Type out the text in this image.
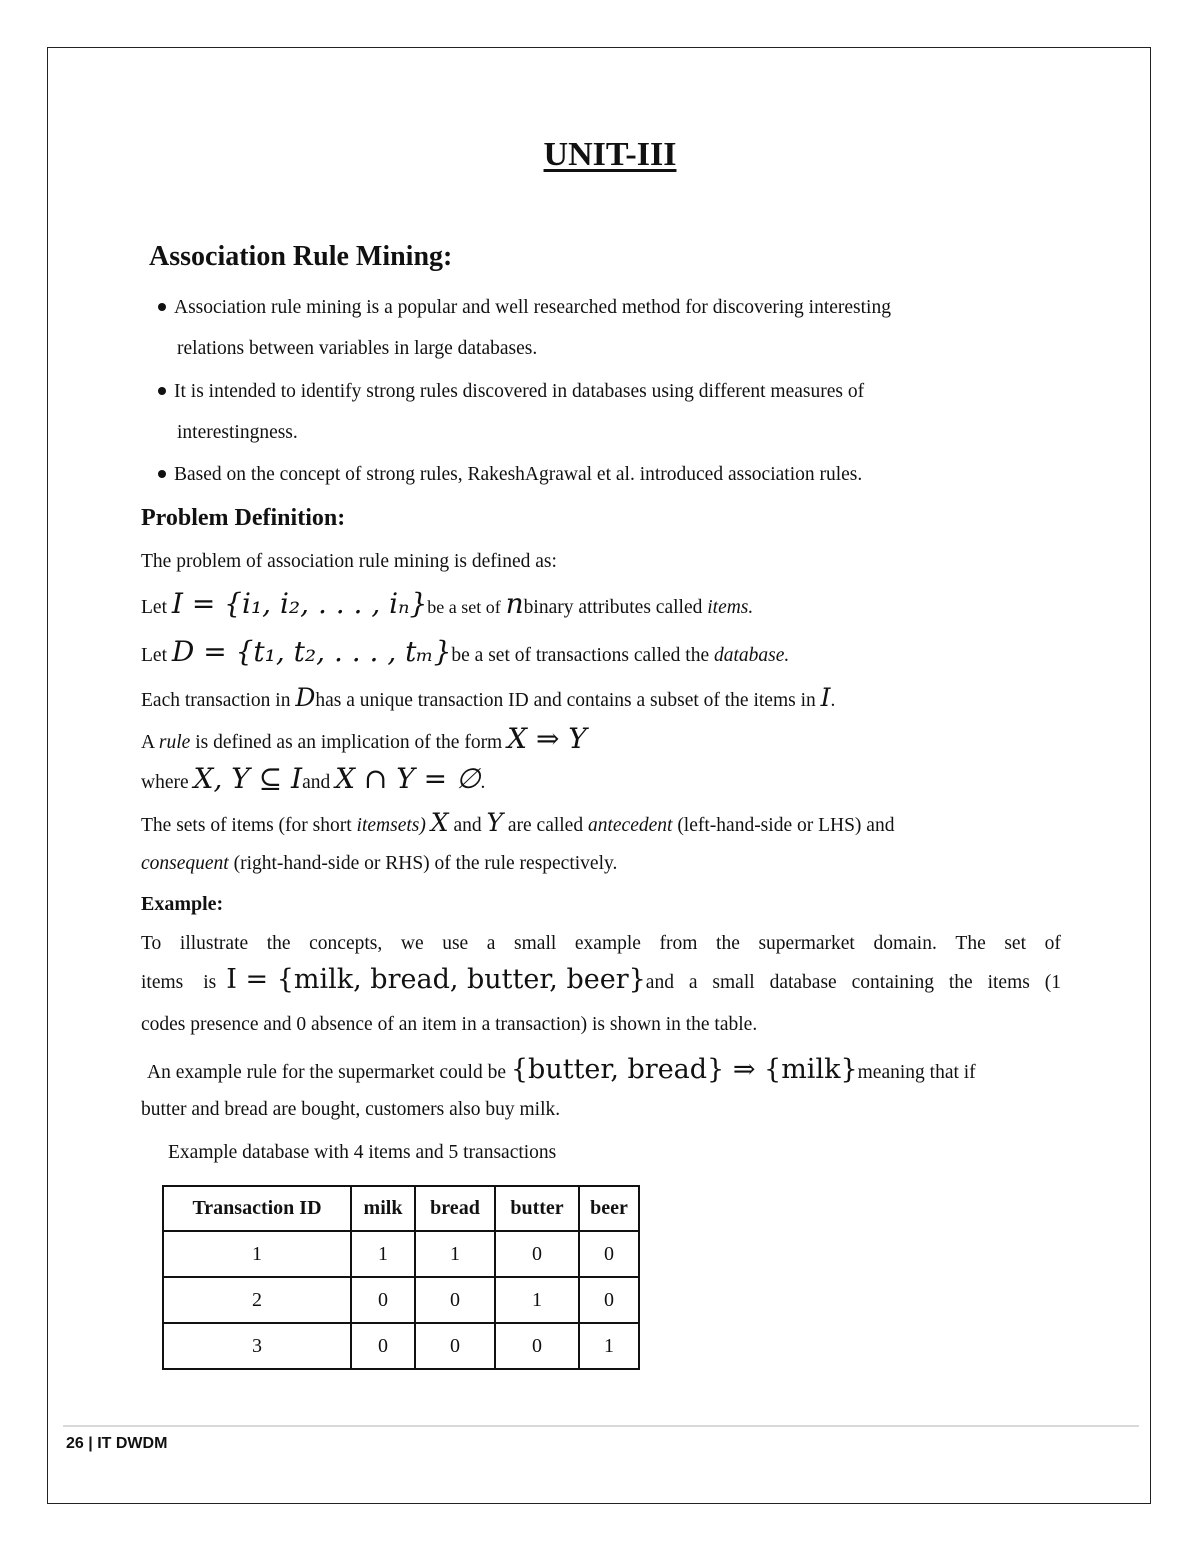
UNIT-III
Association Rule Mining:
Association rule mining is a popular and well researched method for discovering interesting
relations between variables in large databases.
It is intended to identify strong rules discovered in databases using different measures of
interestingness.
Based on the concept of strong rules, RakeshAgrawal et al. introduced association rules.
Problem Definition:
The problem of association rule mining is defined as:
Let I = {i₁, i₂, . . . , iₙ}be a set of nbinary attributes called items.
Let D = {t₁, t₂, . . . , tₘ}be a set of transactions called the database.
Each transaction in Dhas a unique transaction ID and contains a subset of the items in I.
A rule is defined as an implication of the form X ⇒ Y
where X, Y ⊆ Iand X ∩ Y = ∅.
The sets of items (for short itemsets) X and Y are called antecedent (left-hand-side or LHS) and
consequent (right-hand-side or RHS) of the rule respectively.
Example:
To illustrate the concepts, we use a small example from the supermarket domain. The set of
items is I = {milk, bread, butter, beer} and a small database containing the items (1
codes presence and 0 absence of an item in a transaction) is shown in the table.
An example rule for the supermarket could be {butter, bread} ⇒ {milk}meaning that if
butter and bread are bought, customers also buy milk.
Example database with 4 items and 5 transactions
Transaction ID	milk	bread	butter	beer
1	1	1	0	0
2	0	0	1	0
3	0	0	0	1
26 | IT DWDM
